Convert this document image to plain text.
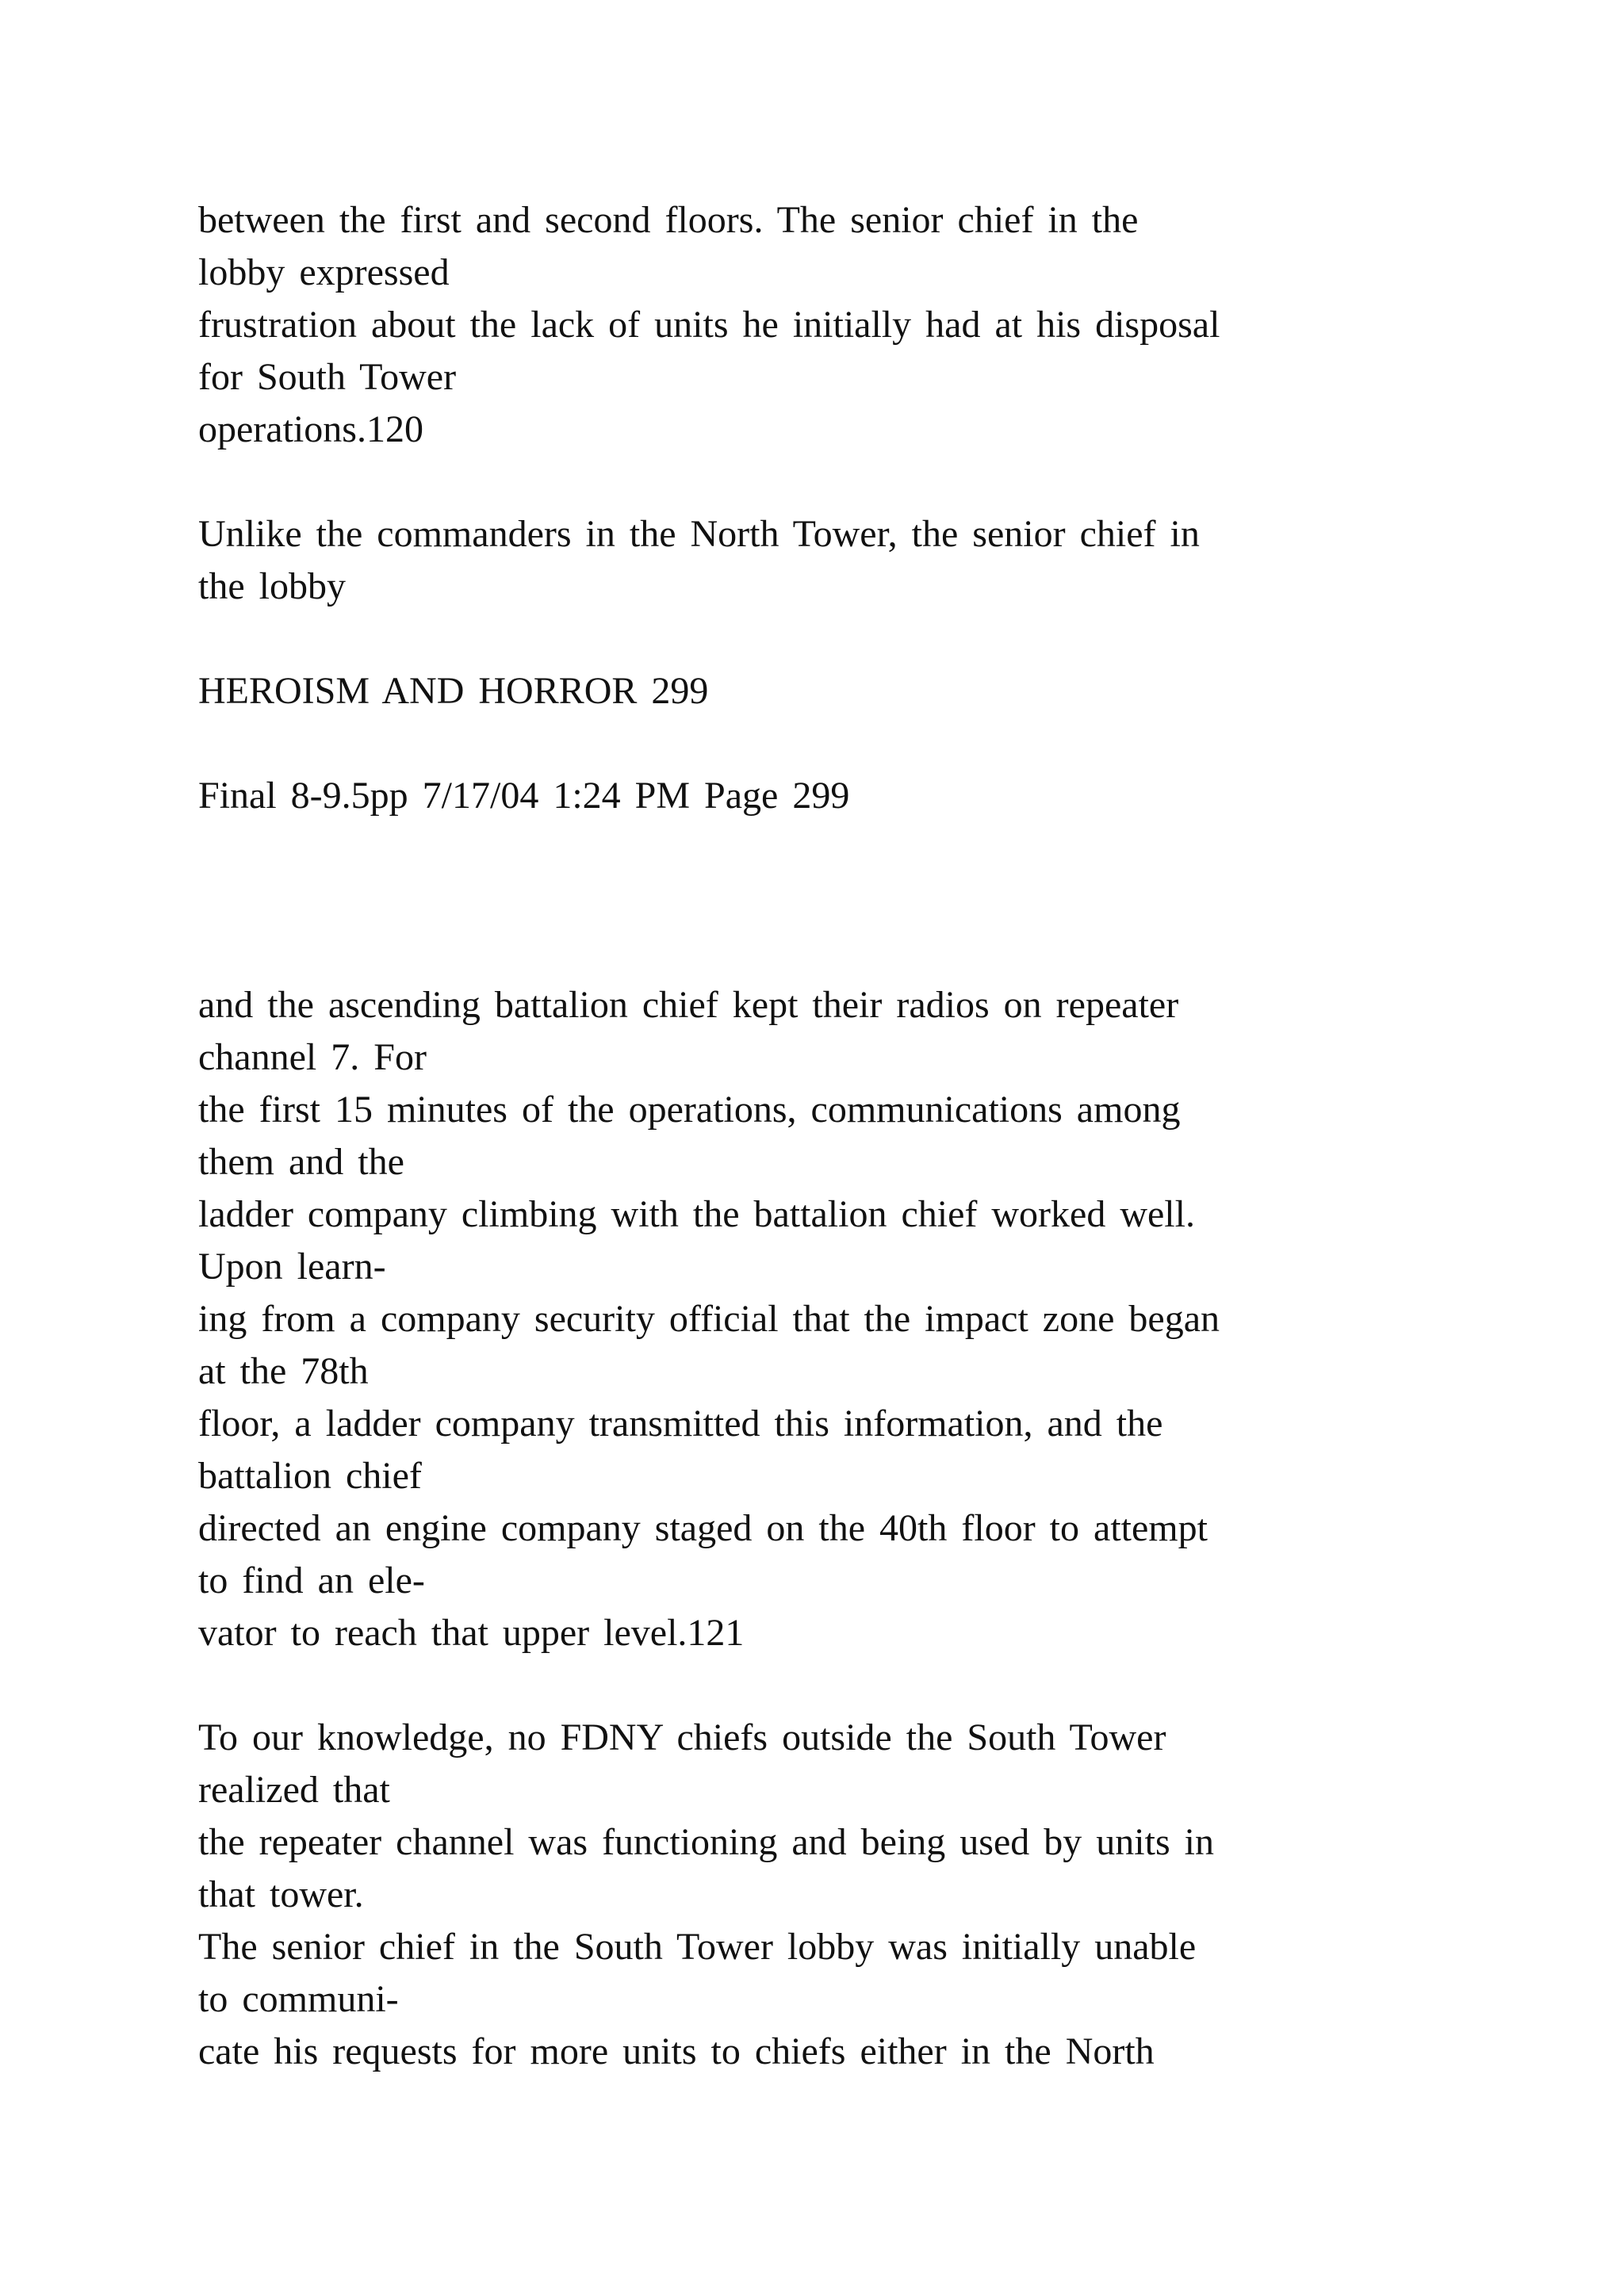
between the first and second floors. The senior chief in the
lobby expressed
frustration about the lack of units he initially had at his disposal
for South Tower
operations.120
Unlike the commanders in the North Tower, the senior chief in
the lobby
HEROISM AND HORROR 299
Final 8-9.5pp 7/17/04 1:24 PM Page 299
and the ascending battalion chief kept their radios on repeater
channel 7. For
the first 15 minutes of the operations, communications among
them and the
ladder company climbing with the battalion chief worked well.
Upon learn-
ing from a company security official that the impact zone began
at the 78th
floor, a ladder company transmitted this information, and the
battalion chief
directed an engine company staged on the 40th floor to attempt
to find an ele-
vator to reach that upper level.121
To our knowledge, no FDNY chiefs outside the South Tower
realized that
the repeater channel was functioning and being used by units in
that tower.
The senior chief in the South Tower lobby was initially unable
to communi-
cate his requests for more units to chiefs either in the North
